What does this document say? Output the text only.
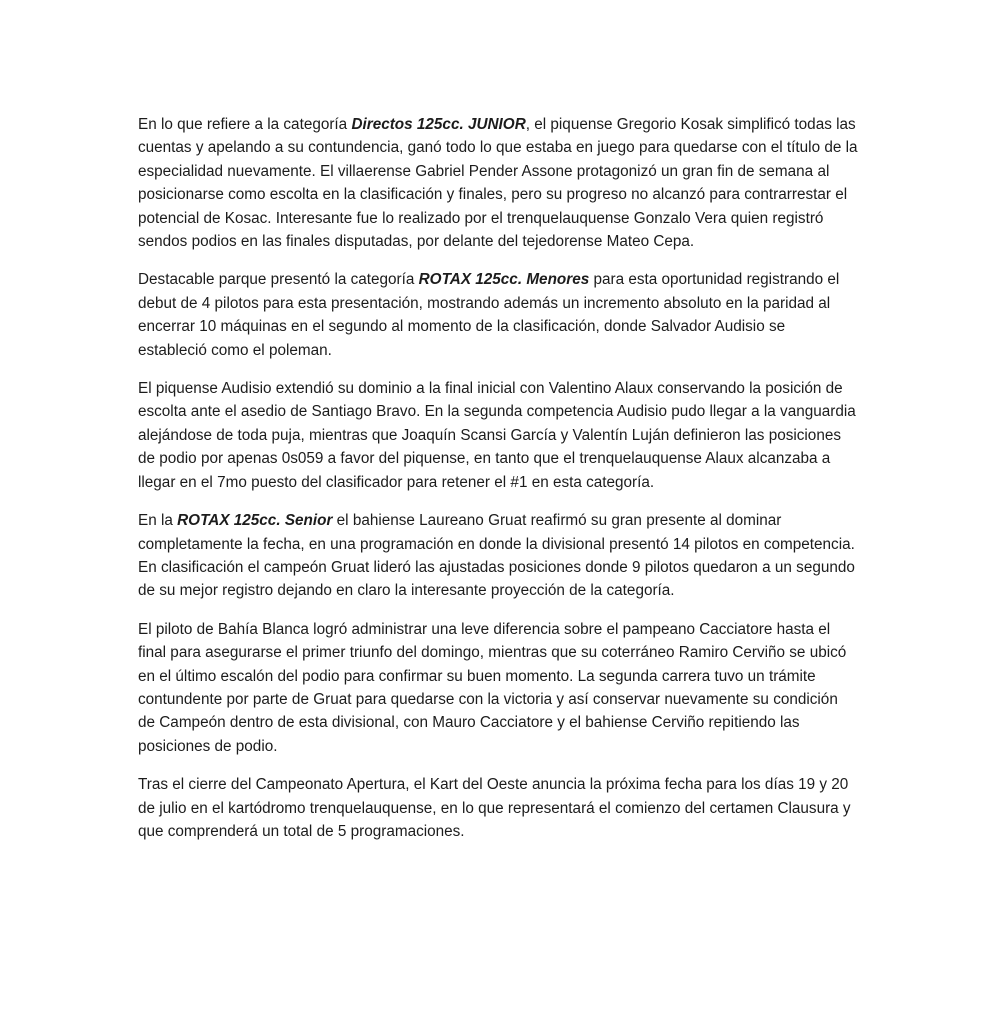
En lo que refiere a la categoría Directos 125cc. JUNIOR, el piquense Gregorio Kosak simplificó todas las cuentas y apelando a su contundencia, ganó todo lo que estaba en juego para quedarse con el título de la especialidad nuevamente. El villaerense Gabriel Pender Assone protagonizó un gran fin de semana al posicionarse como escolta en la clasificación y finales, pero su progreso no alcanzó para contrarrestar el potencial de Kosac. Interesante fue lo realizado por el trenquelauquense Gonzalo Vera quien registró sendos podios en las finales disputadas, por delante del tejedorense Mateo Cepa.

Destacable parque presentó la categoría ROTAX 125cc. Menores para esta oportunidad registrando el debut de 4 pilotos para esta presentación, mostrando además un incremento absoluto en la paridad al encerrar 10 máquinas en el segundo al momento de la clasificación, donde Salvador Audisio se estableció como el poleman.

El piquense Audisio extendió su dominio a la final inicial con Valentino Alaux conservando la posición de escolta ante el asedio de Santiago Bravo. En la segunda competencia Audisio pudo llegar a la vanguardia alejándose de toda puja, mientras que Joaquín Scansi García y Valentín Luján definieron las posiciones de podio por apenas 0s059 a favor del piquense, en tanto que el trenquelauquense Alaux alcanzaba a llegar en el 7mo puesto del clasificador para retener el #1 en esta categoría.

En la ROTAX 125cc. Senior el bahiense Laureano Gruat reafirmó su gran presente al dominar completamente la fecha, en una programación en donde la divisional presentó 14 pilotos en competencia. En clasificación el campeón Gruat lideró las ajustadas posiciones donde 9 pilotos quedaron a un segundo de su mejor registro dejando en claro la interesante proyección de la categoría.

El piloto de Bahía Blanca logró administrar una leve diferencia sobre el pampeano Cacciatore hasta el final para asegurarse el primer triunfo del domingo, mientras que su coterráneo Ramiro Cerviño se ubicó en el último escalón del podio para confirmar su buen momento. La segunda carrera tuvo un trámite contundente por parte de Gruat para quedarse con la victoria y así conservar nuevamente su condición de Campeón dentro de esta divisional, con Mauro Cacciatore y el bahiense Cerviño repitiendo las posiciones de podio.

Tras el cierre del Campeonato Apertura, el Kart del Oeste anuncia la próxima fecha para los días 19 y 20 de julio en el kartódromo trenquelauquense, en lo que representará el comienzo del certamen Clausura y que comprenderá un total de 5 programaciones.
